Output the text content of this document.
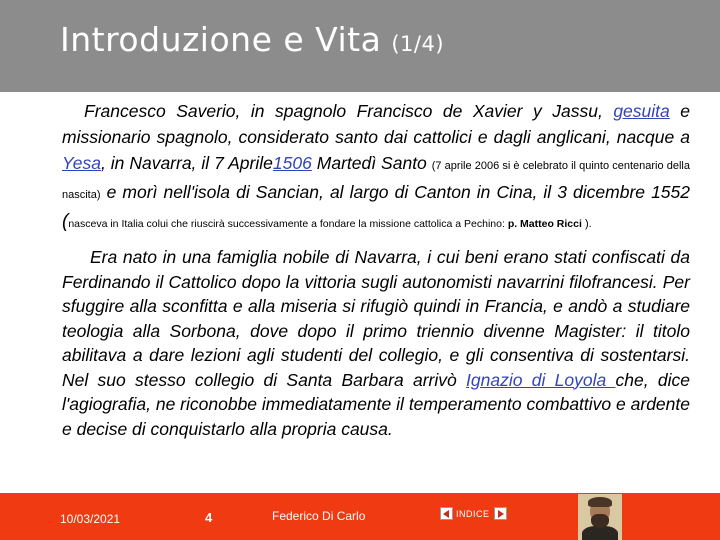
Introduzione e Vita (1/4)
Francesco Saverio, in spagnolo Francisco de Xavier y Jassu, gesuita e missionario spagnolo, considerato santo dai cattolici e dagli anglicani, nacque a Yesa, in Navarra, il 7 Aprile1506 Martedì Santo (7 aprile 2006 si è celebrato il quinto centenario della nascita) e morì nell'isola di Sancian, al largo di Canton in Cina, il 3 dicembre 1552 (nasceva in Italia colui che riuscirà successivamente a fondare la missione cattolica a Pechino: p. Matteo Ricci ).
Era nato in una famiglia nobile di Navarra, i cui beni erano stati confiscati da Ferdinando il Cattolico dopo la vittoria sugli autonomisti navarrini filofrancesi. Per sfuggire alla sconfitta e alla miseria si rifugiò quindi in Francia, e andò a studiare teologia alla Sorbona, dove dopo il primo triennio divenne Magister: il titolo abilitava a dare lezioni agli studenti del collegio, e gli consentiva di sostentarsi. Nel suo stesso collegio di Santa Barbara arrivò Ignazio di Loyola che, dice l'agiografia, ne riconobbe immediatamente il temperamento combattivo e ardente e decise di conquistarlo alla propria causa.
10/03/2021	4	Federico Di Carlo	INDICE
